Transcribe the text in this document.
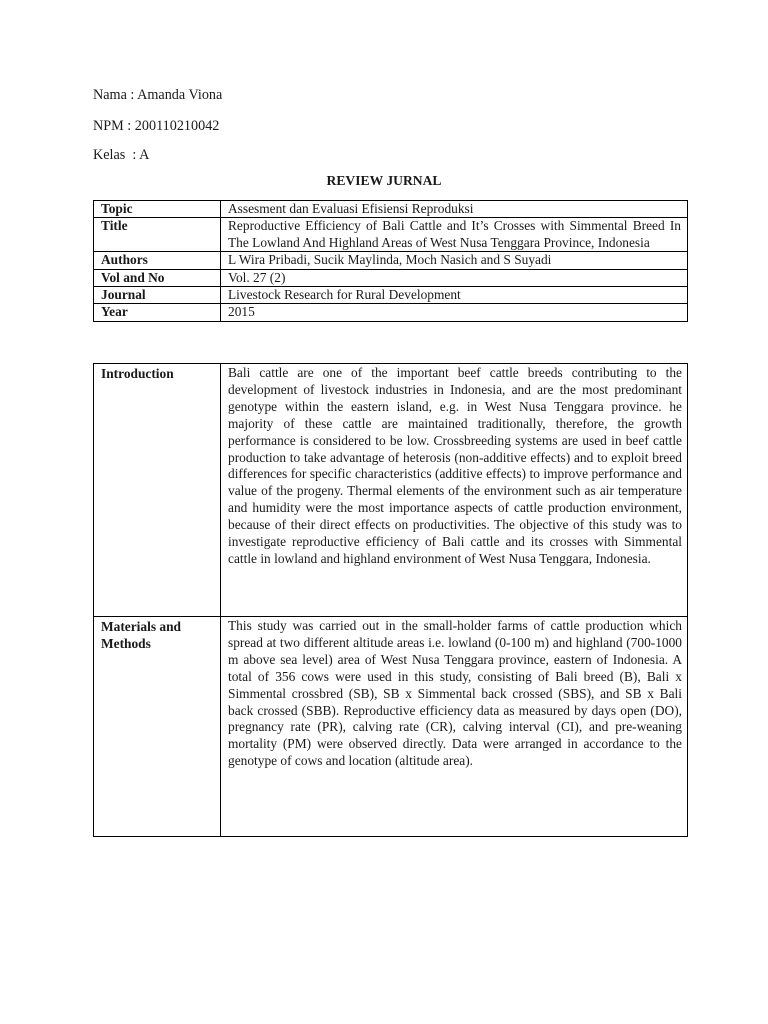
Nama : Amanda Viona
NPM : 200110210042
Kelas  : A
REVIEW JURNAL
Topic	Assesment dan Evaluasi Efisiensi Reproduksi
Title	Reproductive Efficiency of Bali Cattle and It’s Crosses with Simmental Breed In The Lowland And Highland Areas of West Nusa Tenggara Province, Indonesia
Authors	L Wira Pribadi, Sucik Maylinda, Moch Nasich and S Suyadi
Vol and No	Vol. 27 (2)
Journal	Livestock Research for Rural Development
Year	2015
Introduction	Bali cattle are one of the important beef cattle breeds contributing to the development of livestock industries in Indonesia, and are the most predominant genotype within the eastern island, e.g. in West Nusa Tenggara province. he majority of these cattle are maintained traditionally, therefore, the growth performance is considered to be low. Crossbreeding systems are used in beef cattle production to take advantage of heterosis (non-additive effects) and to exploit breed differences for specific characteristics (additive effects) to improve performance and value of the progeny. Thermal elements of the environment such as air temperature and humidity were the most importance aspects of cattle production environment, because of their direct effects on productivities. The objective of this study was to investigate reproductive efficiency of Bali cattle and its crosses with Simmental cattle in lowland and highland environment of West Nusa Tenggara, Indonesia.
Materials and Methods	This study was carried out in the small-holder farms of cattle production which spread at two different altitude areas i.e. lowland (0-100 m) and highland (700-1000 m above sea level) area of West Nusa Tenggara province, eastern of Indonesia. A total of 356 cows were used in this study, consisting of Bali breed (B), Bali x Simmental crossbred (SB), SB x Simmental back crossed (SBS), and SB x Bali back crossed (SBB). Reproductive efficiency data as measured by days open (DO), pregnancy rate (PR), calving rate (CR), calving interval (CI), and pre-weaning mortality (PM) were observed directly. Data were arranged in accordance to the genotype of cows and location (altitude area).
